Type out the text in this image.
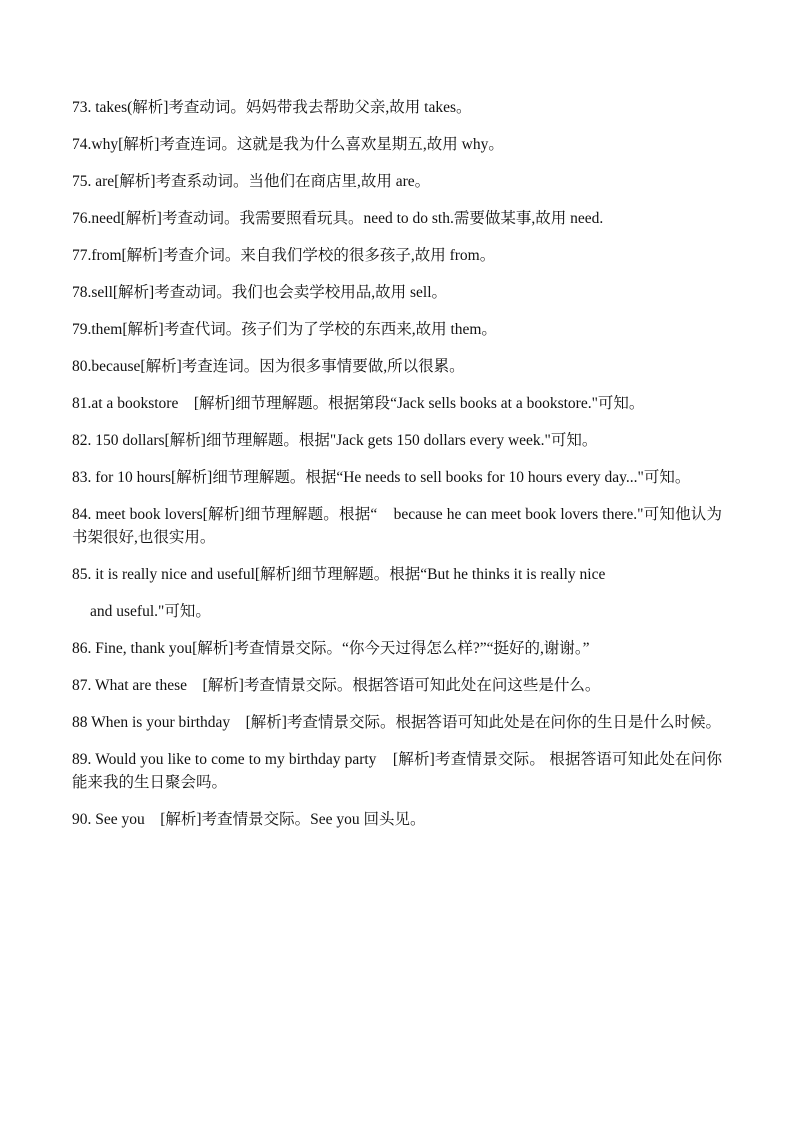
73. takes(解析]考查动词。妈妈带我去帮助父亲,故用 takes。

74.why[解析]考查连词。这就是我为什么喜欢星期五,故用 why。

75. are[解析]考查系动词。当他们在商店里,故用 are。

76.need[解析]考查动词。我需要照看玩具。need to do sth.需要做某事,故用 need.

77.from[解析]考查介词。来自我们学校的很多孩子,故用 from。

78.sell[解析]考查动词。我们也会卖学校用品,故用 sell。

79.them[解析]考查代词。孩子们为了学校的东西来,故用 them。

80.because[解析]考查连词。因为很多事情要做,所以很累。

81.at a bookstore    [解析]细节理解题。根据第段“Jack sells books at a bookstore."可知。

82. 150 dollars[解析]细节理解题。根据"Jack gets 150 dollars every week."可知。

83. for 10 hours[解析]细节理解题。根据“He needs to sell books for 10 hours every day..."可知。

84. meet book lovers[解析]细节理解题。根据“    because he can meet book lovers there."可知他认为书架很好,也很实用。

85. it is really nice and useful[解析]细节理解题。根据“But he thinks it is really nice

and useful."可知。

86. Fine, thank you[解析]考查情景交际。“你今天过得怎么样?”“挺好的,谢谢。”

87. What are these    [解析]考查情景交际。根据答语可知此处在问这些是什么。

88 When is your birthday    [解析]考查情景交际。根据答语可知此处是在问你的生日是什么时候。

89. Would you like to come to my birthday party    [解析]考查情景交际。 根据答语可知此处在问你能来我的生日聚会吗。

90. See you    [解析]考查情景交际。See you 回头见。
